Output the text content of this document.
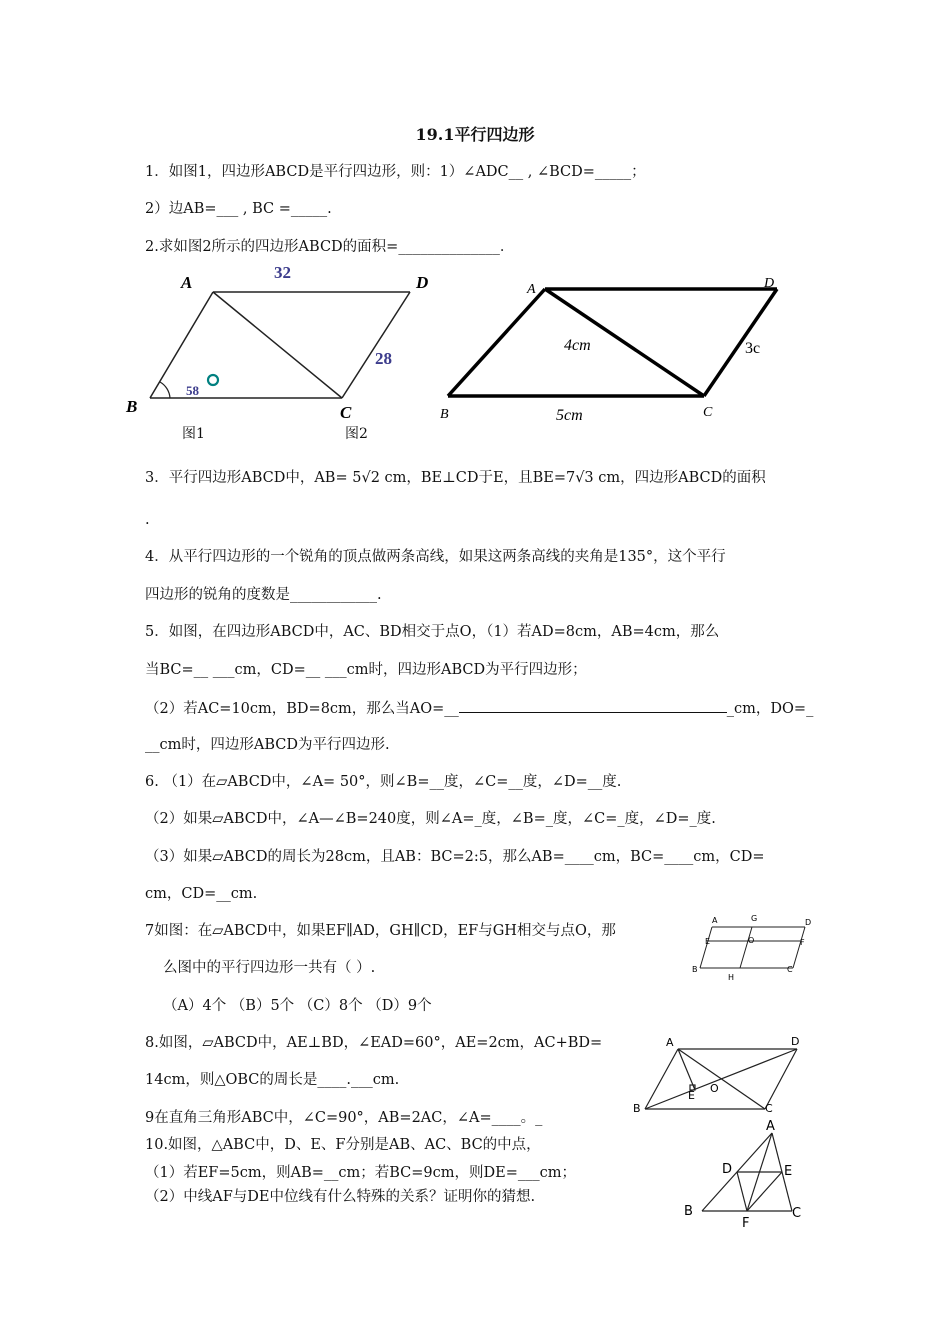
19.1平行四边形
1．如图1，四边形ABCD是平行四边形，则：1）∠ADC__ , ∠BCD=_____；
2）边AB=___ , BC =_____.
2.求如图2所示的四边形ABCD的面积=______________．
A	D
B	C
32
28
58
图1
A	D
B	C
4cm
5cm
3c
图2
3．平行四边形ABCD中，AB= 5√2 cm，BE⊥CD于E，且BE=7√3 cm，四边形ABCD的面积
.
4．从平行四边形的一个锐角的顶点做两条高线，如果这两条高线的夹角是135°，这个平行
四边形的锐角的度数是____________.
5．如图，在四边形ABCD中，AC、BD相交于点O，（1）若AD=8cm，AB=4cm，那么
当BC=__ ___cm，CD=__ ___cm时，四边形ABCD为平行四边形；
（2）若AC=10cm，BD=8cm，那么当AO=__	_cm，DO=_
__cm时，四边形ABCD为平行四边形.
6. （1）在▱ABCD中，∠A= 50°，则∠B=__度，∠C=__度，∠D=__度.
（2）如果▱ABCD中，∠A—∠B=240度，则∠A=_度，∠B=_度，∠C=_度，∠D=_度.
（3）如果▱ABCD的周长为28cm，且AB：BC=2:5，那么AB=____cm，BC=____cm，CD=
cm，CD=__cm.
7如图：在▱ABCD中，如果EF∥AD，GH∥CD，EF与GH相交与点O，那
么图中的平行四边形一共有（ ）.
（A）4个 （B）5个 （C）8个 （D）9个
A	G	D
E	O	F
B
H
C
8.如图，▱ABCD中，AE⊥BD，∠EAD=60°，AE=2cm，AC+BD=
14cm，则△OBC的周长是____.___cm.
A	D
E
O
B	C
9在直角三角形ABC中，∠C=90°，AB=2AC，∠A=____。_
10.如图，△ABC中，D、E、F分别是AB、AC、BC的中点，
（1）若EF=5cm，则AB=__cm；若BC=9cm，则DE=___cm；
（2）中线AF与DE中位线有什么特殊的关系？证明你的猜想.
A
D	E
B
F
C
